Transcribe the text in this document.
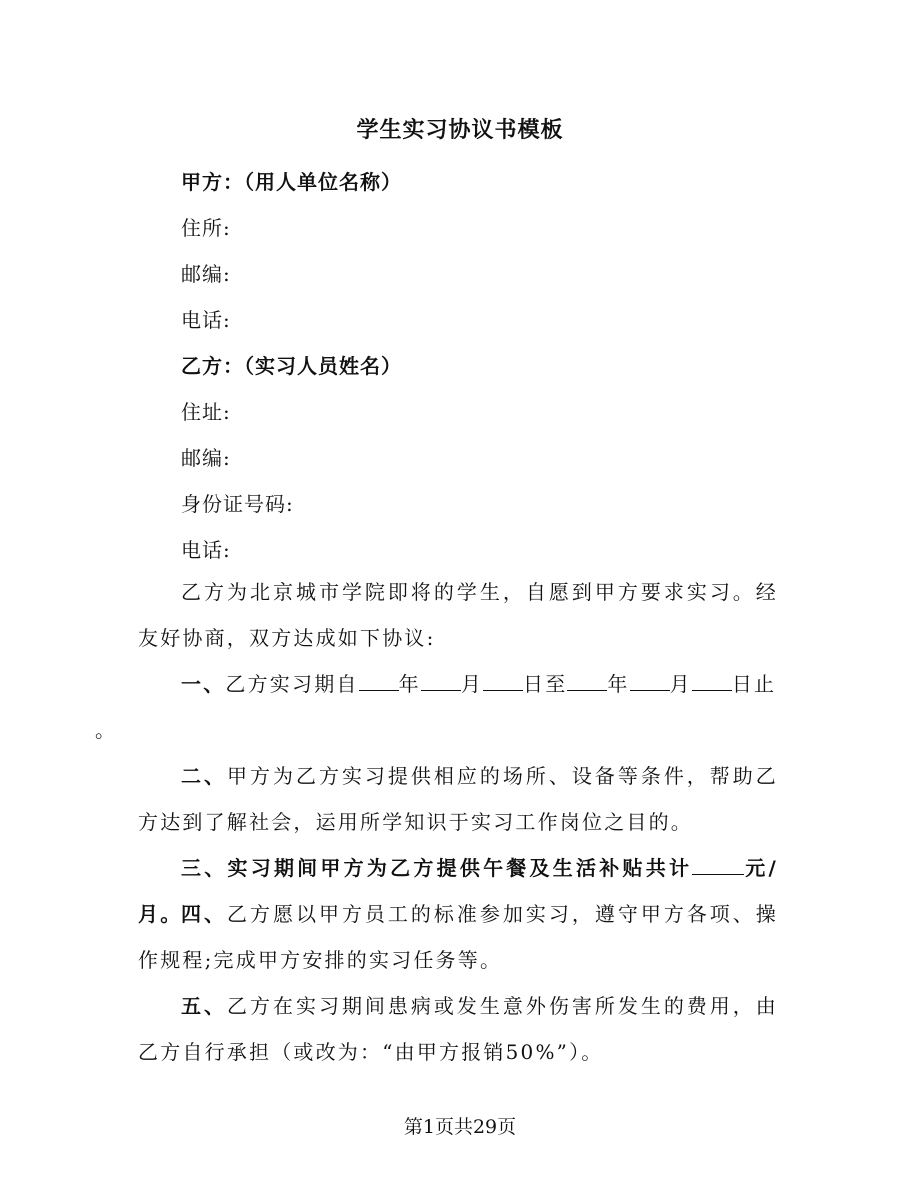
学生实习协议书模板
甲方：（用人单位名称）
住所:
邮编:
电话:
乙方：（实习人员姓名）
住址:
邮编:
身份证号码:
电话:
乙方为北京城市学院即将的学生，自愿到甲方要求实习。经友好协商，双方达成如下协议:
一、乙方实习期自 年 月 日至 年 月 日止
。
二、甲方为乙方实习提供相应的场所、设备等条件，帮助乙方达到了解社会，运用所学知识于实习工作岗位之目的。
三、实习期间甲方为乙方提供午餐及生活补贴共计	元/月。
四、乙方愿以甲方员工的标准参加实习，遵守甲方各项、操作规程;完成甲方安排的实习任务等。
五、乙方在实习期间患病或发生意外伤害所发生的费用，由乙方自行承担（或改为：“由甲方报销50%”）。
第1页共29页
